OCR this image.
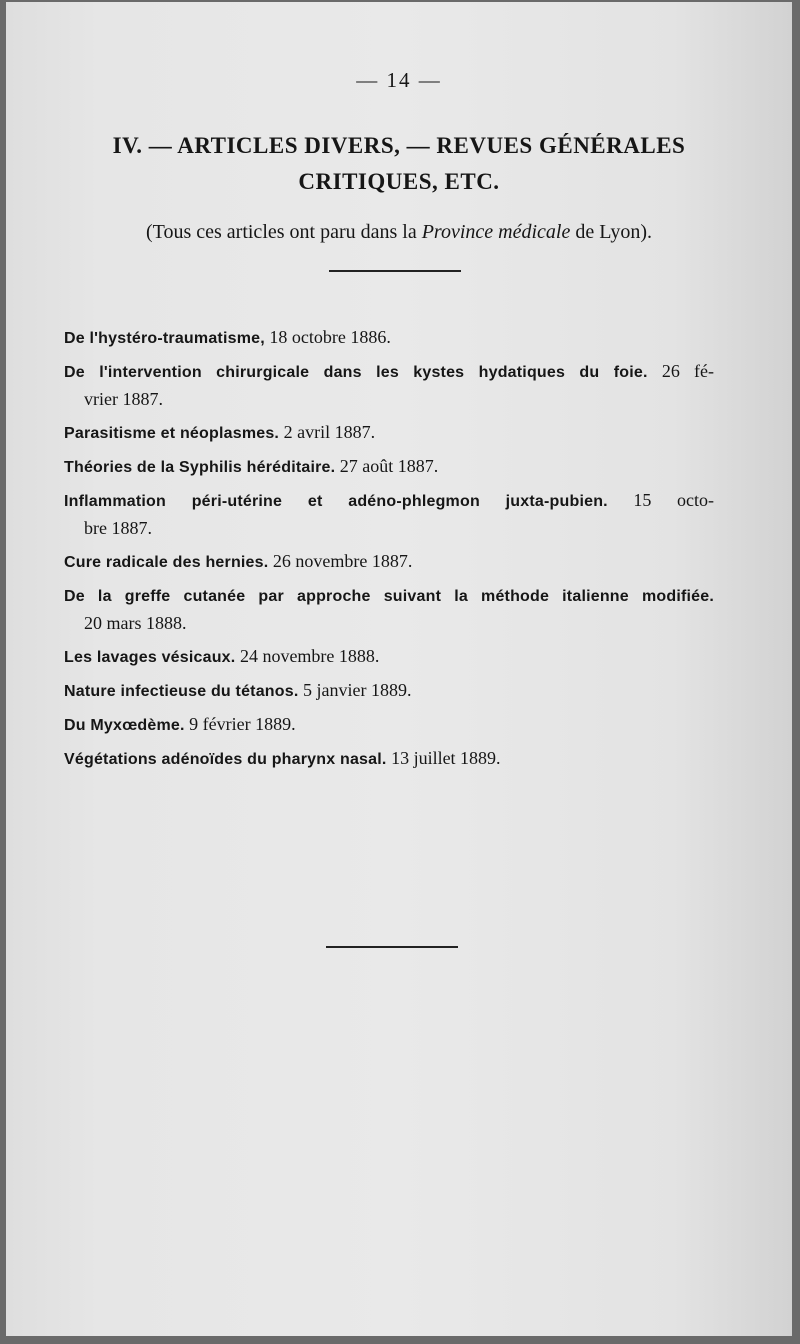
— 14 —
IV. — ARTICLES DIVERS, — REVUES GÉNÉRALES
CRITIQUES, ETC.
(Tous ces articles ont paru dans la Province médicale de Lyon).
De l'hystéro-traumatisme, 18 octobre 1886.
De l'intervention chirurgicale dans les kystes hydatiques du foie. 26 fé-
vrier 1887.
Parasitisme et néoplasmes. 2 avril 1887.
Théories de la Syphilis héréditaire. 27 août 1887.
Inflammation péri-utérine et adéno-phlegmon juxta-pubien. 15 octo-
bre 1887.
Cure radicale des hernies. 26 novembre 1887.
De la greffe cutanée par approche suivant la méthode italienne modifiée.
20 mars 1888.
Les lavages vésicaux. 24 novembre 1888.
Nature infectieuse du tétanos. 5 janvier 1889.
Du Myxœdème. 9 février 1889.
Végétations adénoïdes du pharynx nasal. 13 juillet 1889.
